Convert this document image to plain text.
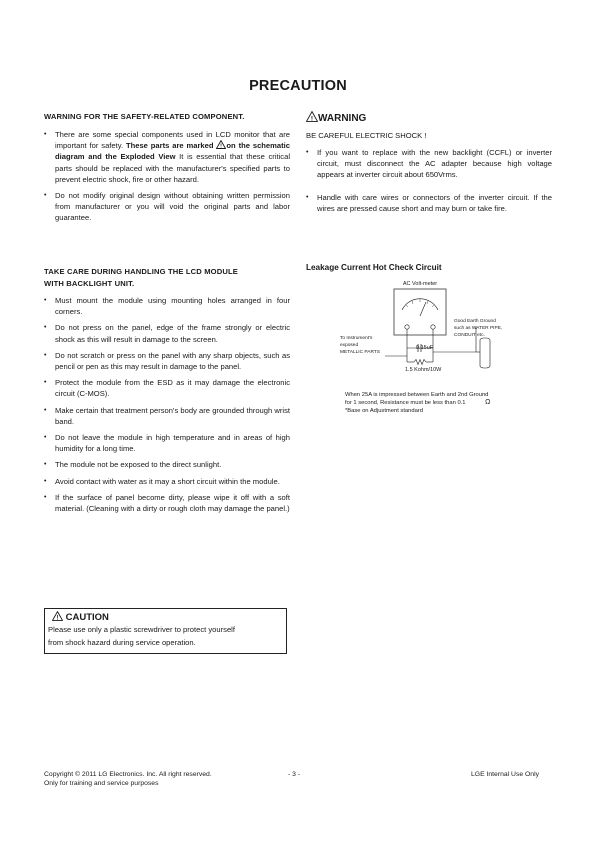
PRECAUTION
WARNING FOR THE SAFETY-RELATED COMPONENT.
• There are some special components used in LCD monitor that are important for safety. These parts are marked ! on the schematic diagram and the Exploded View It is essential that these critical parts should be replaced with the manufacturer's specified parts to prevent electric shock, fire or other hazard.
• Do not modify original design without obtaining written permission from manufacturer or you will void the original parts and labor guarantee.
TAKE CARE DURING HANDLING THE LCD MODULE
WITH BACKLIGHT UNIT.
• Must mount the module using mounting holes arranged in four corners.
• Do not press on the panel, edge of the frame strongly or electric shock as this will result in damage to the screen.
• Do not scratch or press on the panel with any sharp objects, such as pencil or pen as this may result in damage to the panel.
• Protect the module from the ESD as it may damage the electronic circuit (C-MOS).
• Make certain that treatment person's body are grounded through wrist band.
• Do not leave the module in high temperature and in areas of high humidity for a long time.
• The module not be exposed to the direct sunlight.
• Avoid contact with water as it may a short circuit within the module.
• If the surface of panel become dirty, please wipe it off with a soft material. (Cleaning with a dirty or rough cloth may damage the panel.)
! CAUTION
Please use only a plastic screwdriver to protect yourself
from shock hazard during service operation.
! WARNING
BE CAREFUL ELECTRIC SHOCK !
• If you want to replace with the new backlight (CCFL) or inverter circuit, must disconnect the AC adapter because high voltage appears at inverter circuit about 650Vrms.
• Handle with care wires or connectors of the inverter circuit. If the wires are pressed cause short and may burn or take fire.
Leakage Current Hot Check Circuit
AC Volt-meter
0.15uF
1.5 Kohm/10W
To Instrument's
exposed
METALLIC PARTS
Good Earth Ground
such as WATER PIPE,
CONDUIT etc.
When 25A is impressed between Earth and 2nd Ground
for 1 second, Resistance must be less than 0.1	Ω
*Base on Adjustment standard
Copyright © 2011 LG Electronics. Inc. All right reserved.
Only for training and service purposes
- 3 -	LGE Internal Use Only
